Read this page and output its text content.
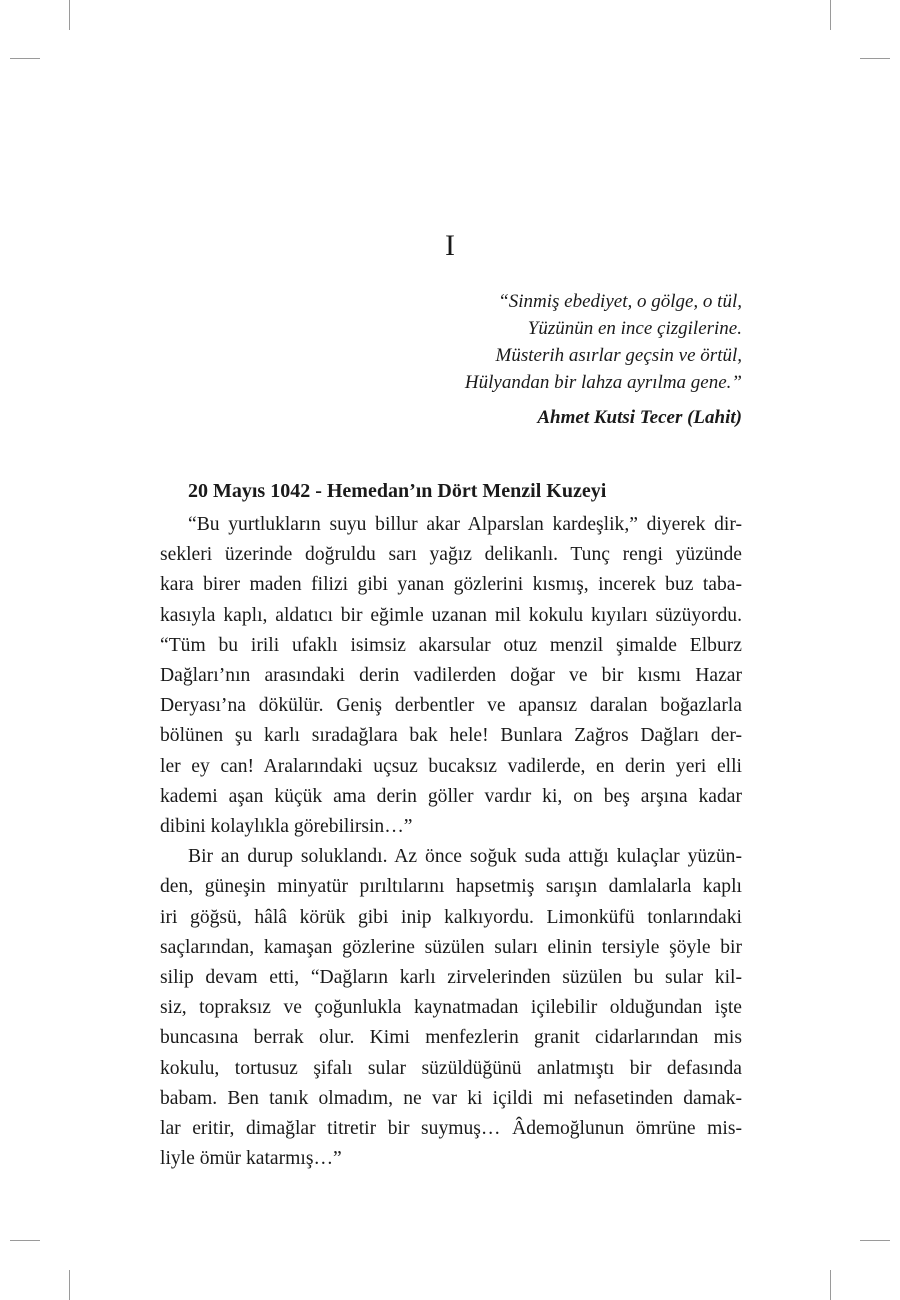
I
“Sinmiş ebediyet, o gölge, o tül,
Yüzünün en ince çizgilerine.
Müsterih asırlar geçsin ve örtül,
Hülyandan bir lahza ayrılma gene.”
Ahmet Kutsi Tecer (Lahit)
20 Mayıs 1042 - Hemedan’ın Dört Menzil Kuzeyi

“Bu yurtlukların suyu billur akar Alparslan kardeşlik,” diyerek dir-
sekleri üzerinde doğruldu sarı yağız delikanlı. Tunç rengi yüzünde
kara birer maden filizi gibi yanan gözlerini kısmış, incerek buz taba-
kasıyla kaplı, aldatıcı bir eğimle uzanan mil kokulu kıyıları süzüyordu.
“Tüm bu irili ufaklı isimsiz akarsular otuz menzil şimalde Elburz
Dağları’nın arasındaki derin vadilerden doğar ve bir kısmı Hazar
Deryası’na dökülür. Geniş derbentler ve apansız daralan boğazlarla
bölünen şu karlı sıradağlara bak hele! Bunlara Zağros Dağları der-
ler ey can! Aralarındaki uçsuz bucaksız vadilerde, en derin yeri elli
kademi aşan küçük ama derin göller vardır ki, on beş arşına kadar
dibini kolaylıkla görebilirsin…”

Bir an durup soluklandı. Az önce soğuk suda attığı kulaçlar yüzün-
den, güneşin minyatür pırıltılarını hapsetmiş sarışın damlalarla kaplı
iri göğsü, hâlâ körük gibi inip kalkıyordu. Limonküfü tonlarındaki
saçlarından, kamaşan gözlerine süzülen suları elinin tersiyle şöyle bir
silip devam etti, “Dağların karlı zirvelerinden süzülen bu sular kil-
siz, topraksız ve çoğunlukla kaynatmadan içilebilir olduğundan işte
buncasına berrak olur. Kimi menfezlerin granit cidarlarından mis
kokulu, tortusuz şifalı sular süzüldüğünü anlatmıştı bir defasında
babam. Ben tanık olmadım, ne var ki içildi mi nefasetinden damak-
lar eritir, dimağlar titretir bir suymuş… Âdemoğlunun ömrüne mis-
liyle ömür katarmış…”
